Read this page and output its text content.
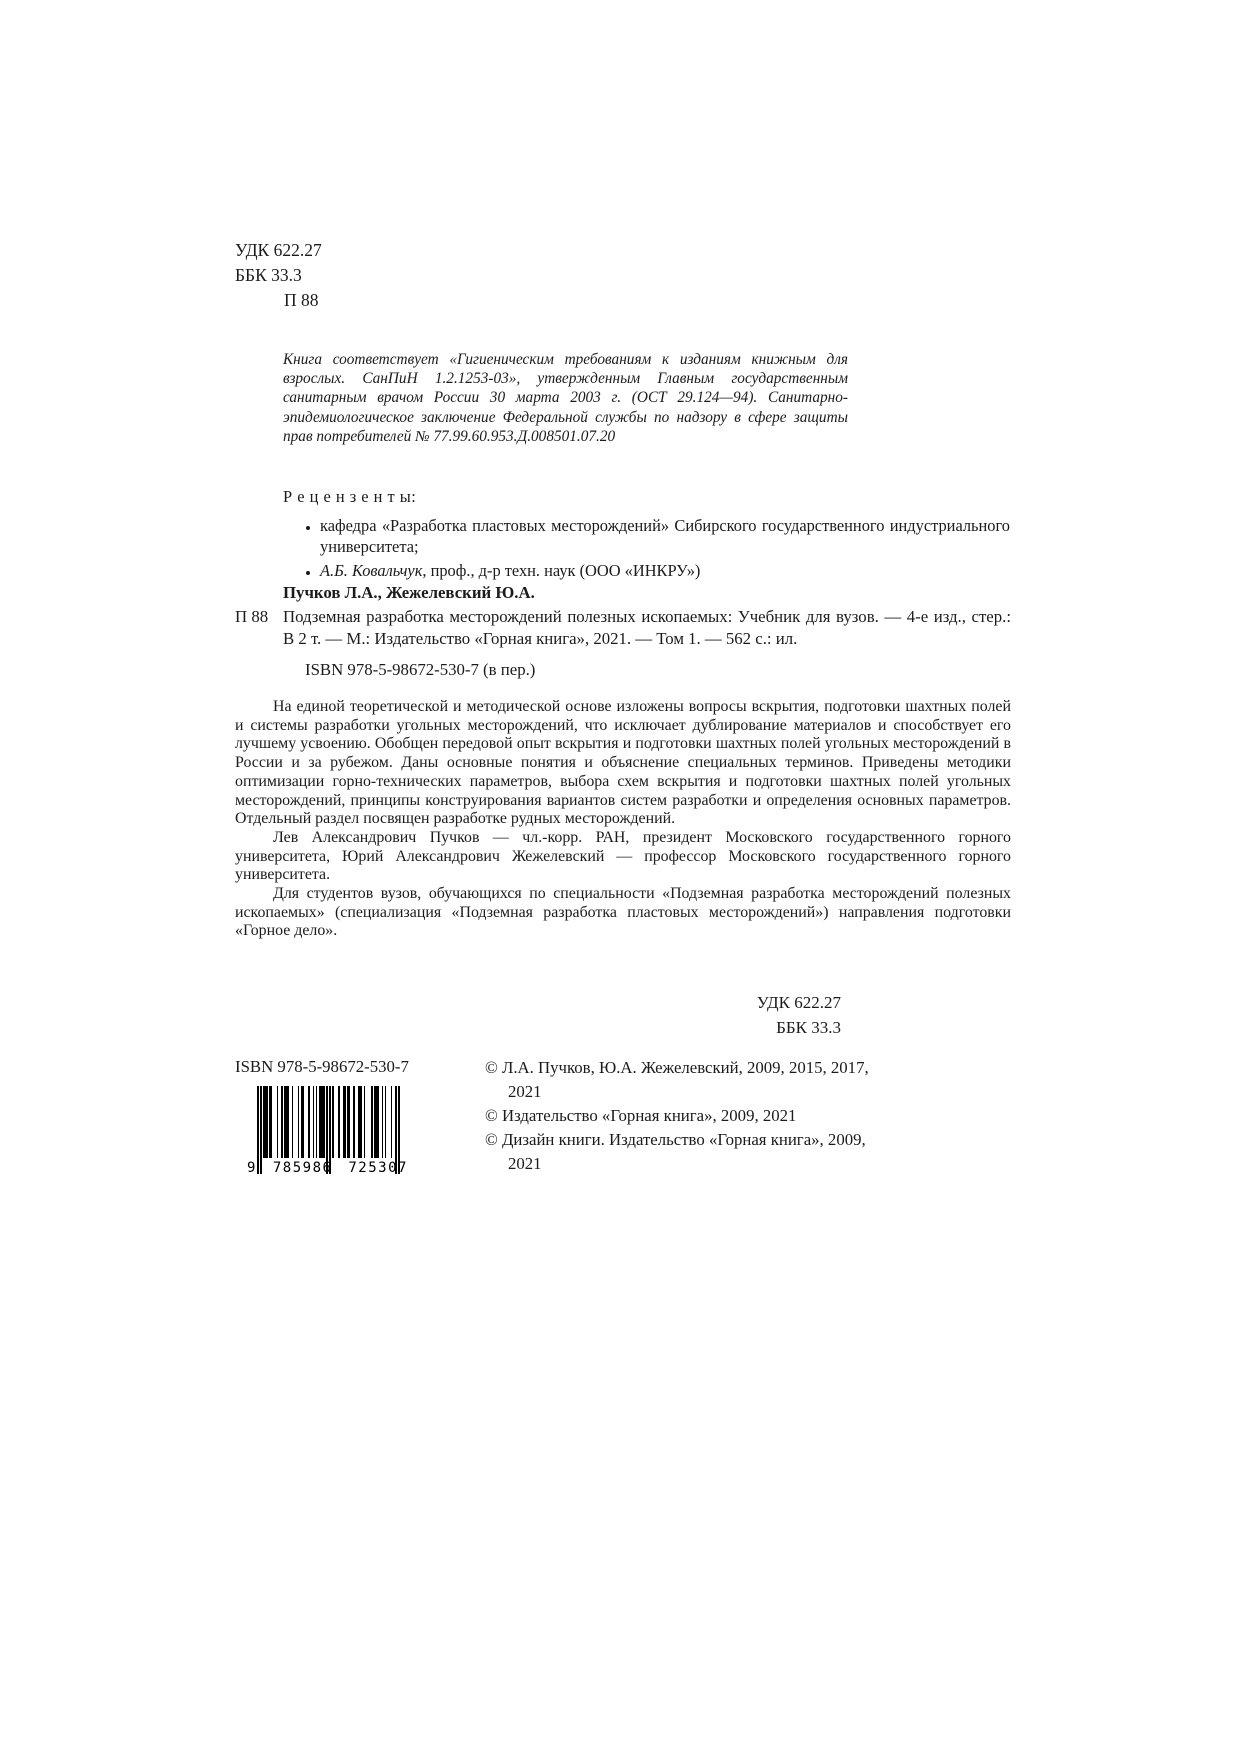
УДК 622.27
ББК 33.3
П 88

Книга соответствует «Гигиеническим требованиям к изданиям книжным для взрослых. СанПиН 1.2.1253-03», утвержденным Главным государственным санитарным врачом России 30 марта 2003 г. (ОСТ 29.124—94). Санитарно-эпидемиологическое заключение Федеральной службы по надзору в сфере защиты прав потребителей № 77.99.60.953.Д.008501.07.20

Р е ц е н з е н т ы:
• кафедра «Разработка пластовых месторождений» Сибирского государственного индустриального университета;
• А.Б. Ковальчук, проф., д-р техн. наук (ООО «ИНКРУ»)
Пучков Л.А., Жежелевский Ю.А.

П 88 Подземная разработка месторождений полезных ископаемых: Учебник для вузов. — 4-е изд., стер.: В 2 т. — М.: Издательство «Горная книга», 2021. — Том 1. — 562 с.: ил.

ISBN 978-5-98672-530-7 (в пер.)

На единой теоретической и методической основе изложены вопросы вскрытия, подготовки шахтных полей и системы разработки угольных месторождений, что исключает дублирование материалов и способствует его лучшему усвоению. Обобщен передовой опыт вскрытия и подготовки шахтных полей угольных месторождений в России и за рубежом. Даны основные понятия и объяснение специальных терминов. Приведены методики оптимизации горно-технических параметров, выбора схем вскрытия и подготовки шахтных полей угольных месторождений, принципы конструирования вариантов систем разработки и определения основных параметров. Отдельный раздел посвящен разработке рудных месторождений.

Лев Александрович Пучков — чл.-корр. РАН, президент Московского государственного горного университета, Юрий Александрович Жежелевский — профессор Московского государственного горного университета.

Для студентов вузов, обучающихся по специальности «Подземная разработка месторождений полезных ископаемых» (специализация «Подземная разработка пластовых месторождений») направления подготовки «Горное дело».

УДК 622.27
ББК 33.3
ISBN 978-5-98672-530-7
9 785986 725307

© Л.А. Пучков, Ю.А. Жежелевский, 2009, 2015, 2017, 2021

© Издательство «Горная книга», 2009, 2021

© Дизайн книги. Издательство «Горная книга», 2009, 2021
